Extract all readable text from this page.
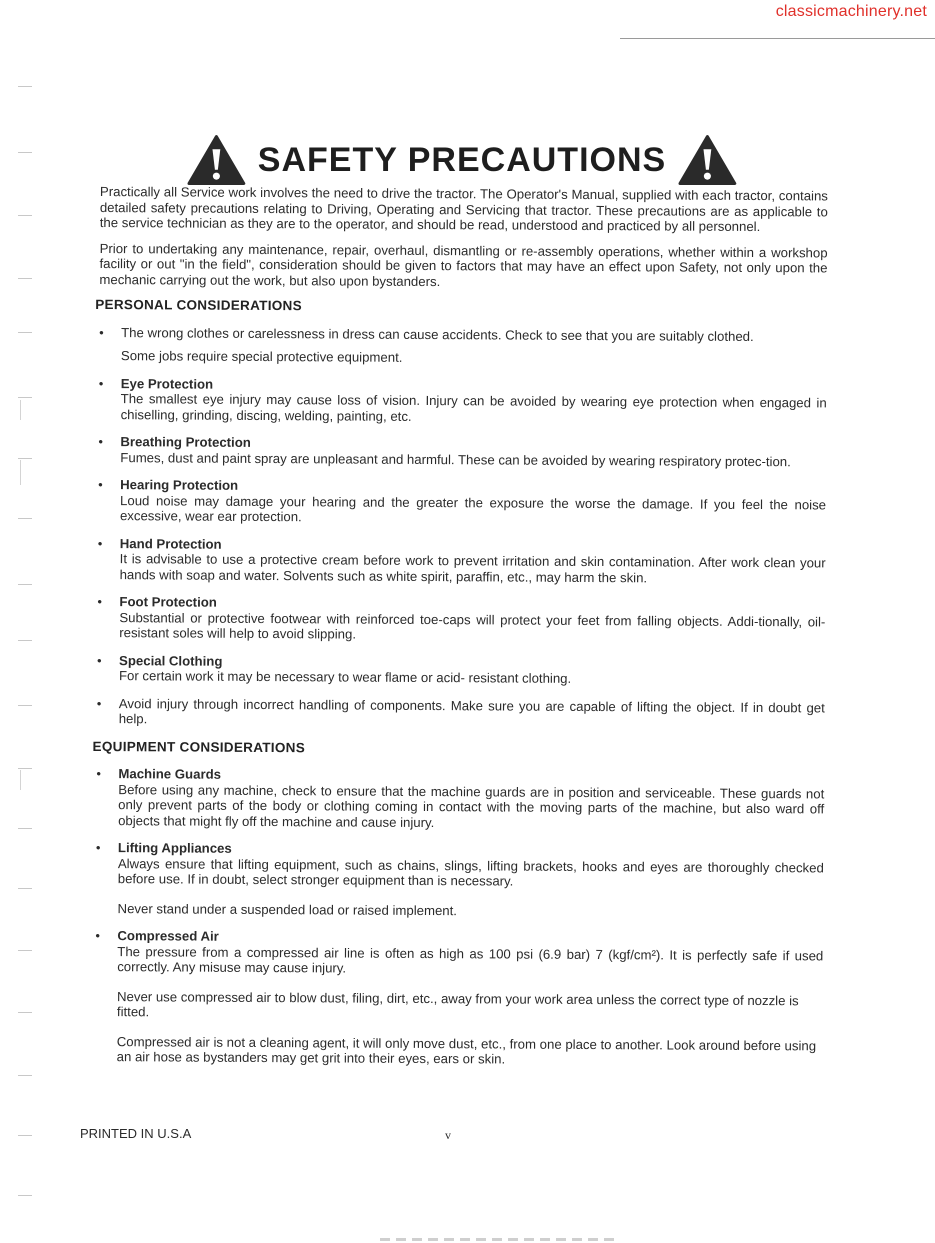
classicmachinery.net
SAFETY PRECAUTIONS

Practically all Service work involves the need to drive the tractor. The Operator's Manual, supplied with each tractor, contains detailed safety precautions relating to Driving, Operating and Servicing that tractor. These precautions are as applicable to the service technician as they are to the operator, and should be read, understood and practiced by all personnel.

Prior to undertaking any maintenance, repair, overhaul, dismantling or re-assembly operations, whether within a workshop facility or out "in the field", consideration should be given to factors that may have an effect upon Safety, not only upon the mechanic carrying out the work, but also upon bystanders.

PERSONAL CONSIDERATIONS
• The wrong clothes or carelessness in dress can cause accidents. Check to see that you are suitably clothed.
Some jobs require special protective equipment.
• Eye Protection
The smallest eye injury may cause loss of vision. Injury can be avoided by wearing eye protection when engaged in chiselling, grinding, discing, welding, painting, etc.
• Breathing Protection
Fumes, dust and paint spray are unpleasant and harmful. These can be avoided by wearing respiratory protec-tion.
• Hearing Protection
Loud noise may damage your hearing and the greater the exposure the worse the damage. If you feel the noise excessive, wear ear protection.
• Hand Protection
It is advisable to use a protective cream before work to prevent irritation and skin contamination. After work clean your hands with soap and water. Solvents such as white spirit, paraffin, etc., may harm the skin.
• Foot Protection
Substantial or protective footwear with reinforced toe-caps will protect your feet from falling objects. Addi-tionally, oil-resistant soles will help to avoid slipping.
• Special Clothing
For certain work it may be necessary to wear flame or acid- resistant clothing.
• Avoid injury through incorrect handling of components. Make sure you are capable of lifting the object. If in doubt get help.
EQUIPMENT CONSIDERATIONS
• Machine Guards
Before using any machine, check to ensure that the machine guards are in position and serviceable. These guards not only prevent parts of the body or clothing coming in contact with the moving parts of the machine, but also ward off objects that might fly off the machine and cause injury.
• Lifting Appliances
Always ensure that lifting equipment, such as chains, slings, lifting brackets, hooks and eyes are thoroughly checked before use. If in doubt, select stronger equipment than is necessary.
Never stand under a suspended load or raised implement.
• Compressed Air
The pressure from a compressed air line is often as high as 100 psi (6.9 bar) 7 (kgf/cm²). It is perfectly safe if used correctly. Any misuse may cause injury.
Never use compressed air to blow dust, filing, dirt, etc., away from your work area unless the correct type of nozzle is fitted.
Compressed air is not a cleaning agent, it will only move dust, etc., from one place to another. Look around before using an air hose as bystanders may get grit into their eyes, ears or skin.
PRINTED IN U.S.A	v
